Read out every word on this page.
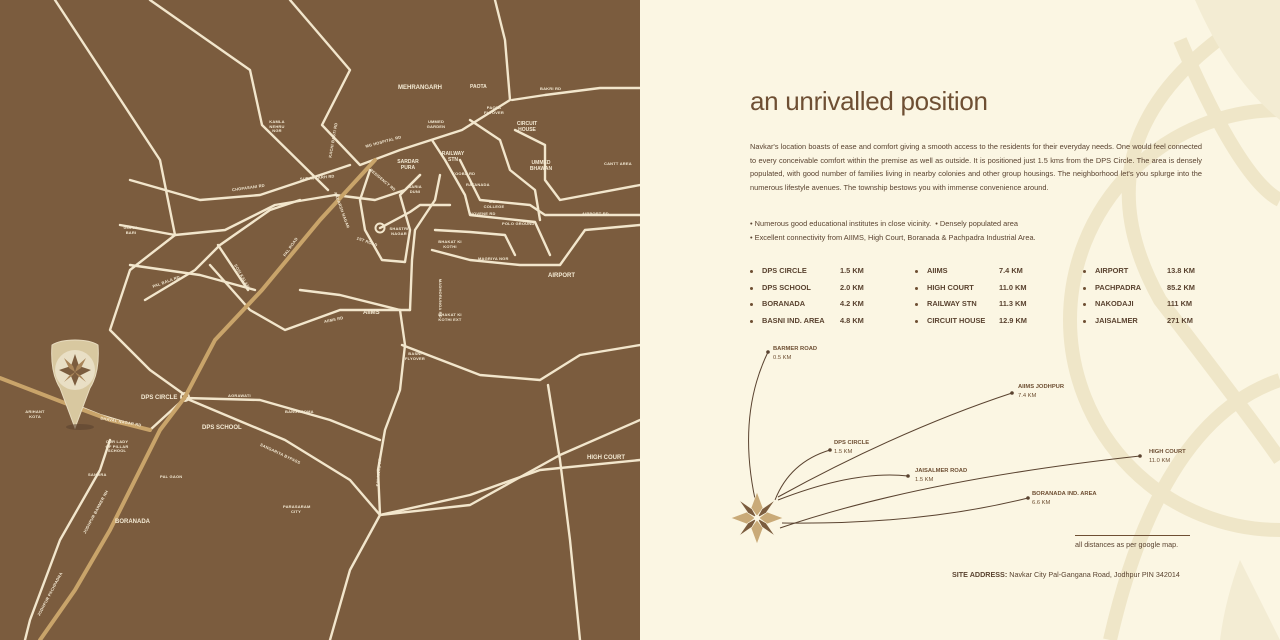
MEHRANGARH	PAOTA	BAKRI RD
PAOTA FLYOVER
CIRCUIT HOUSE
UMMED GARDEN
RAILWAY STN
UMMED BHAWAN
CANTT AREA
SARDAR PURA
KAMLA NEHRU NGR	KACHI BASTI RD	MG HOSPITAL RD
RATANADA
MBM COLLEGE
KOOBA RD
NOVENE RD	AIRPORT RD
POLO GROUND
CHOPASANI RD
SURAJGARH RD
AADARSH NAGAR
RESIDENCY RD	BARIA DUNI
SHASTRI NAGAR
1ST ROAD
GOPAL BARI
BHAKAT KI KOTHI
MAGRIYA NGR
PAL ROAD
AIRPORT
PAL BALA RD	SOSI KALAN
MADHORUNGA RD
AIIMS
AIIMS RD
BHAKAT KI KOTHI EXT
BASNI FLYOVER
DPS CIRCLE	AGRAWATI
BANGAROMA
DPS SCHOOL
SANGARIYA BYPASS	HIGH COURT
ARIHANT KOTA	DHAVAL NAGAR RD
OUR LADY OF PILLAR SCHOOL
SANGRA	PAL GAON
BORANADA
JODHPUR BARMER NH	PARASARAM CITY
JODHPUR PACHPADRA
SALAWAS RD
an unrivalled position
Navkar's location boasts of ease and comfort giving a smooth access to the residents for their everyday needs. One would feel connected to every conceivable comfort within the premise as well as outside. It is positioned just 1.5 kms from the DPS Circle. The area is densely populated, with good number of families living in nearby colonies and other group housings. The neighborhood let's you splurge into the numerous lifestyle avenues. The township bestows you with immense convenience around.
• Numerous good educational institutes in close vicinity. • Densely populated area
• Excellent connectivity from AIIMS, High Court, Boranada & Pachpadra Industrial Area.
DPS CIRCLE	1.5 KM
DPS SCHOOL	2.0 KM
BORANADA	4.2 KM
BASNI IND. AREA 4.8 KM
AIIMS	7.4 KM
HIGH COURT	11.0 KM
RAILWAY STN	11.3 KM
CIRCUIT HOUSE 12.9 KM
AIRPORT	13.8 KM
PACHPADRA	85.2 KM
NAKODAJI	111 KM
JAISALMER	271 KM
BARMER ROAD
0.5 KM
AIIMS JODHPUR
7.4 KM
DPS CIRCLE
1.5 KM	HIGH COURT
11.0 KM
JAISALMER ROAD
1.5 KM
BORANADA IND. AREA
6.6 KM
all distances as per google map.
SITE ADDRESS: Navkar City Pal-Gangana Road, Jodhpur PIN 342014
